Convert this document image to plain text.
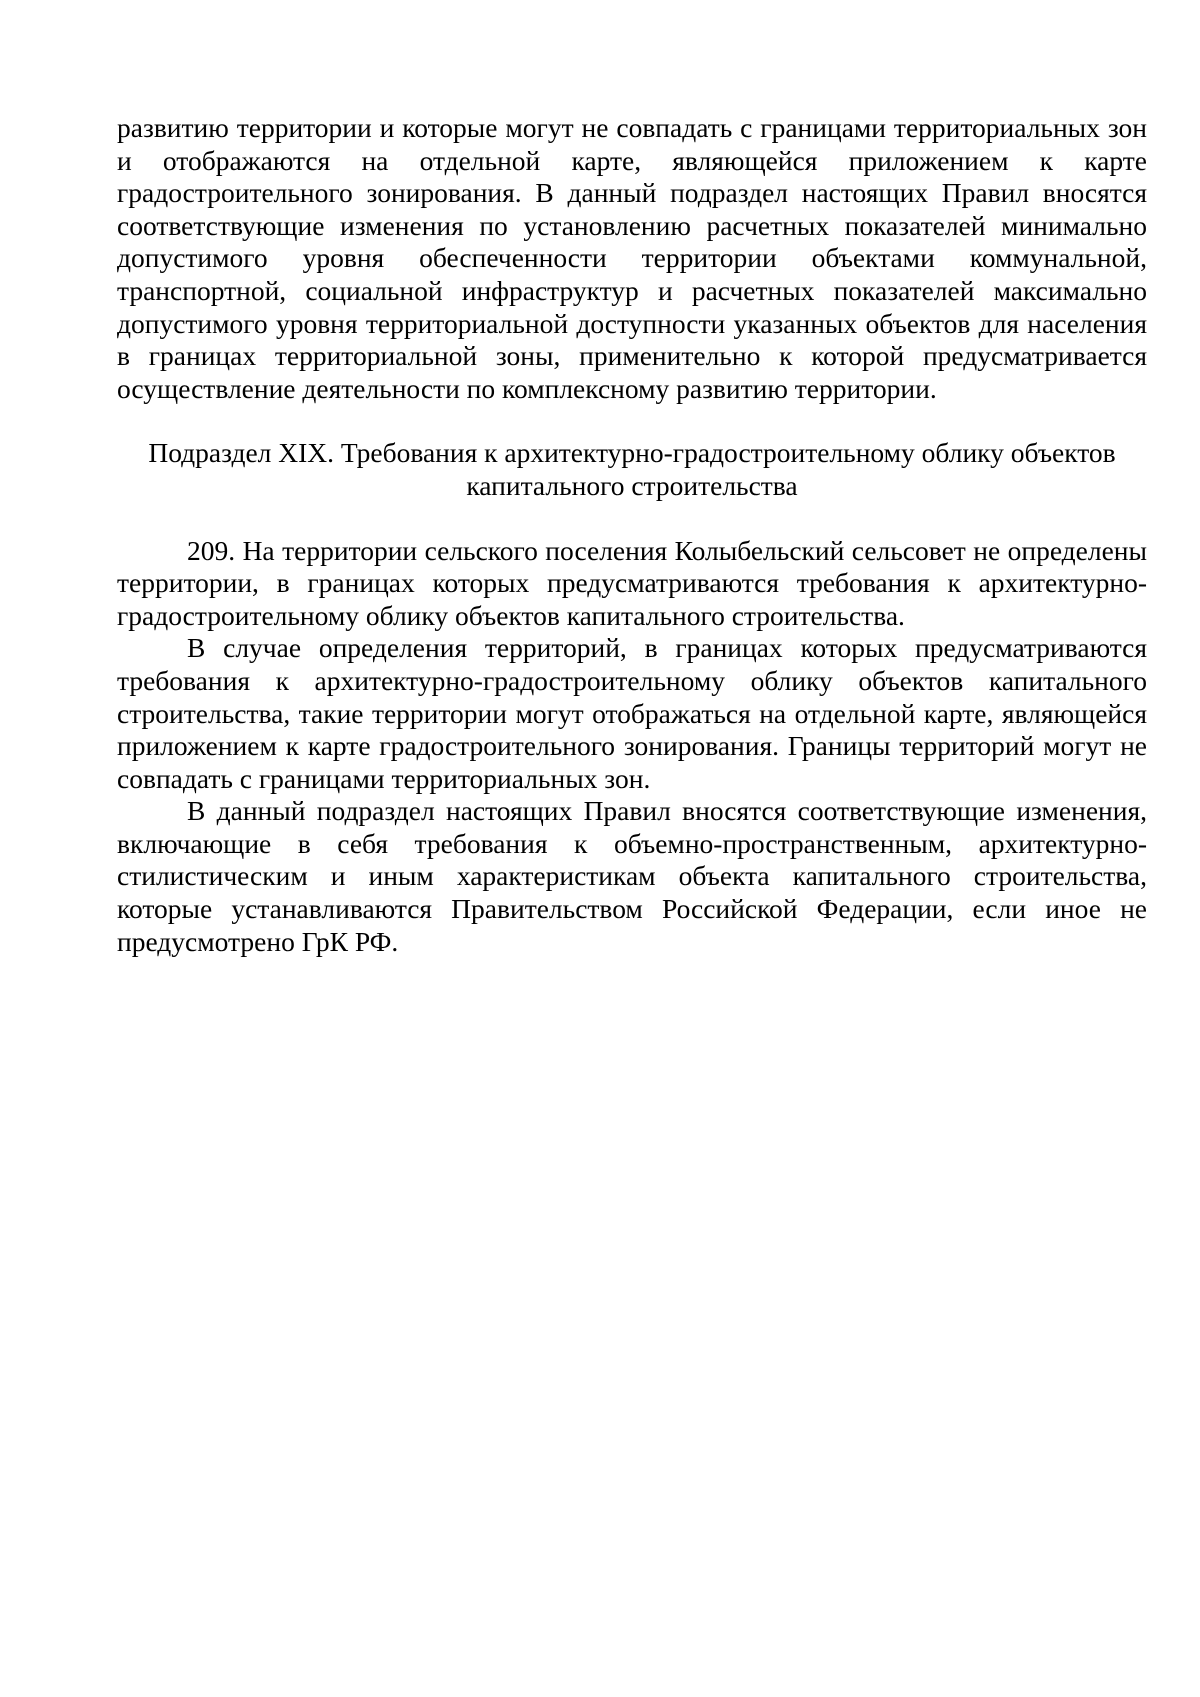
развитию территории и которые могут не совпадать с границами территориальных зон и отображаются на отдельной карте, являющейся приложением к карте градостроительного зонирования. В данный подраздел настоящих Правил вносятся соответствующие изменения по установлению расчетных показателей минимально допустимого уровня обеспеченности территории объектами коммунальной, транспортной, социальной инфраструктур и расчетных показателей максимально допустимого уровня территориальной доступности указанных объектов для населения в границах территориальной зоны, применительно к которой предусматривается осуществление деятельности по комплексному развитию территории.

Подраздел XIX. Требования к архитектурно-градостроительному облику объектов
капитального строительства

209. На территории сельского поселения Колыбельский сельсовет не определены территории, в границах которых предусматриваются требования к архитектурно-градостроительному облику объектов капитального строительства.

В случае определения территорий, в границах которых предусматриваются требования к архитектурно-градостроительному облику объектов капитального строительства, такие территории могут отображаться на отдельной карте, являющейся приложением к карте градостроительного зонирования. Границы территорий могут не совпадать с границами территориальных зон.

В данный подраздел настоящих Правил вносятся соответствующие изменения, включающие в себя требования к объемно-пространственным, архитектурно-стилистическим и иным характеристикам объекта капитального строительства, которые устанавливаются Правительством Российской Федерации, если иное не предусмотрено ГрК РФ.
